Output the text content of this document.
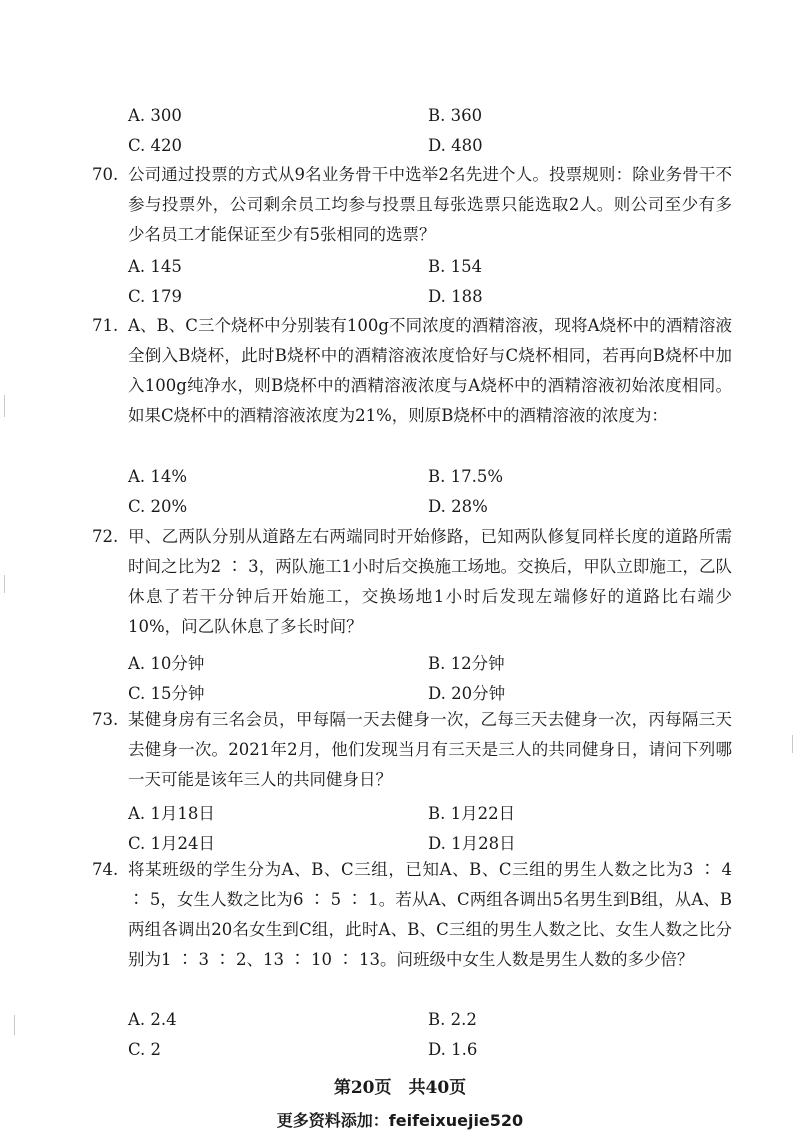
A. 300	B. 360
C. 420	D. 480
70. 公司通过投票的方式从9名业务骨干中选举2名先进个人。投票规则：除业务骨干不参与投票外，公司剩余员工均参与投票且每张选票只能选取2人。则公司至少有多少名员工才能保证至少有5张相同的选票？
A. 145	B. 154
C. 179	D. 188
71. A、B、C三个烧杯中分别装有100g不同浓度的酒精溶液，现将A烧杯中的酒精溶液全倒入B烧杯，此时B烧杯中的酒精溶液浓度恰好与C烧杯相同，若再向B烧杯中加入100g纯净水，则B烧杯中的酒精溶液浓度与A烧杯中的酒精溶液初始浓度相同。如果C烧杯中的酒精溶液浓度为21%，则原B烧杯中的酒精溶液的浓度为：
A. 14%	B. 17.5%
C. 20%	D. 28%
72. 甲、乙两队分别从道路左右两端同时开始修路，已知两队修复同样长度的道路所需时间之比为2 ∶ 3，两队施工1小时后交换施工场地。交换后，甲队立即施工，乙队休息了若干分钟后开始施工，交换场地1小时后发现左端修好的道路比右端少10%，问乙队休息了多长时间？
A. 10分钟	B. 12分钟
C. 15分钟	D. 20分钟
73. 某健身房有三名会员，甲每隔一天去健身一次，乙每三天去健身一次，丙每隔三天去健身一次。2021年2月，他们发现当月有三天是三人的共同健身日，请问下列哪一天可能是该年三人的共同健身日？
A. 1月18日	B. 1月22日
C. 1月24日	D. 1月28日
74. 将某班级的学生分为A、B、C三组，已知A、B、C三组的男生人数之比为3 ∶ 4 ∶ 5，女生人数之比为6 ∶ 5 ∶ 1。若从A、C两组各调出5名男生到B组，从A、B两组各调出20名女生到C组，此时A、B、C三组的男生人数之比、女生人数之比分别为1 ∶ 3 ∶ 2、13 ∶ 10 ∶ 13。问班级中女生人数是男生人数的多少倍？
A. 2.4	B. 2.2
C. 2	D. 1.6
第20页　共40页
更多资料添加：feifeixuejie520
